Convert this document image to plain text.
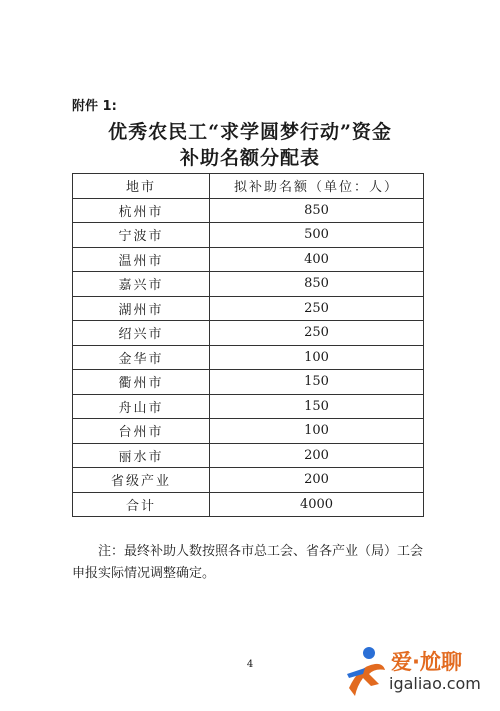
附件 1:
优秀农民工“求学圆梦行动”资金
补助名额分配表
地市	拟补助名额（单位：人）
杭州市	850
宁波市	500
温州市	400
嘉兴市	850
湖州市	250
绍兴市	250
金华市	100
衢州市	150
舟山市	150
台州市	100
丽水市	200
省级产业	200
合计	4000
注：最终补助人数按照各市总工会、省各产业（局）工会申报实际情况调整确定。
4	爱·尬聊
igaliao.com
